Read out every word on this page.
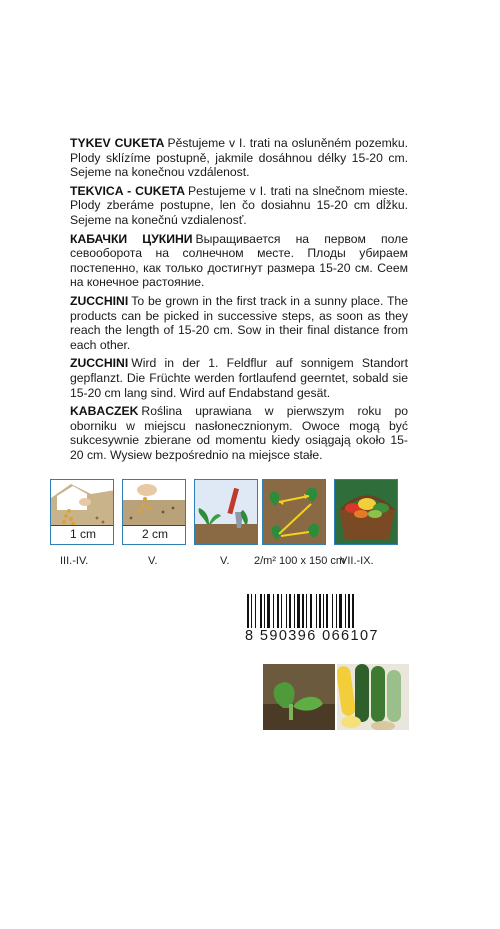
TYKEV CUKETA Pěstujeme v I. trati na osluněném pozemku. Plody sklízíme postupně, jakmile dosáhnou délky 15-20 cm. Sejeme na konečnou vzdálenost.

TEKVICA - CUKETA Pestujeme v I. trati na slnečnom mieste. Plody zberáme postupne, len čo dosiahnu 15-20 cm dĺžku. Sejeme na konečnú vzdialenosť.

КАБАЧКИ ЦУКИНИ Выращивается на первом поле севооборота на солнечном месте. Плоды убираем постепенно, как только достигнут размера 15-20 см. Сеем на конечное растояние.

ZUCCHINI To be grown in the first track in a sunny place. The products can be picked in successive steps, as soon as they reach the length of 15-20 cm. Sow in their final distance from each other.

ZUCCHINI Wird in der 1. Feldflur auf sonnigem Standort gepflanzt. Die Früchte werden fortlaufend geerntet, sobald sie 15-20 cm lang sind. Wird auf Endabstand gesät.

KABACZEK Roślina uprawiana w pierwszym roku po oborniku w miejscu nasłonecznionym. Owoce mogą być sukcesywnie zbierane od momentu kiedy osiągają około 15-20 cm. Wysiew bezpośrednio na miejsce stałe.

1 cm
III.-IV.
2 cm
V.	V. 2/m² 100 x 150 cm
VII.-IX.
8 590396 066107
